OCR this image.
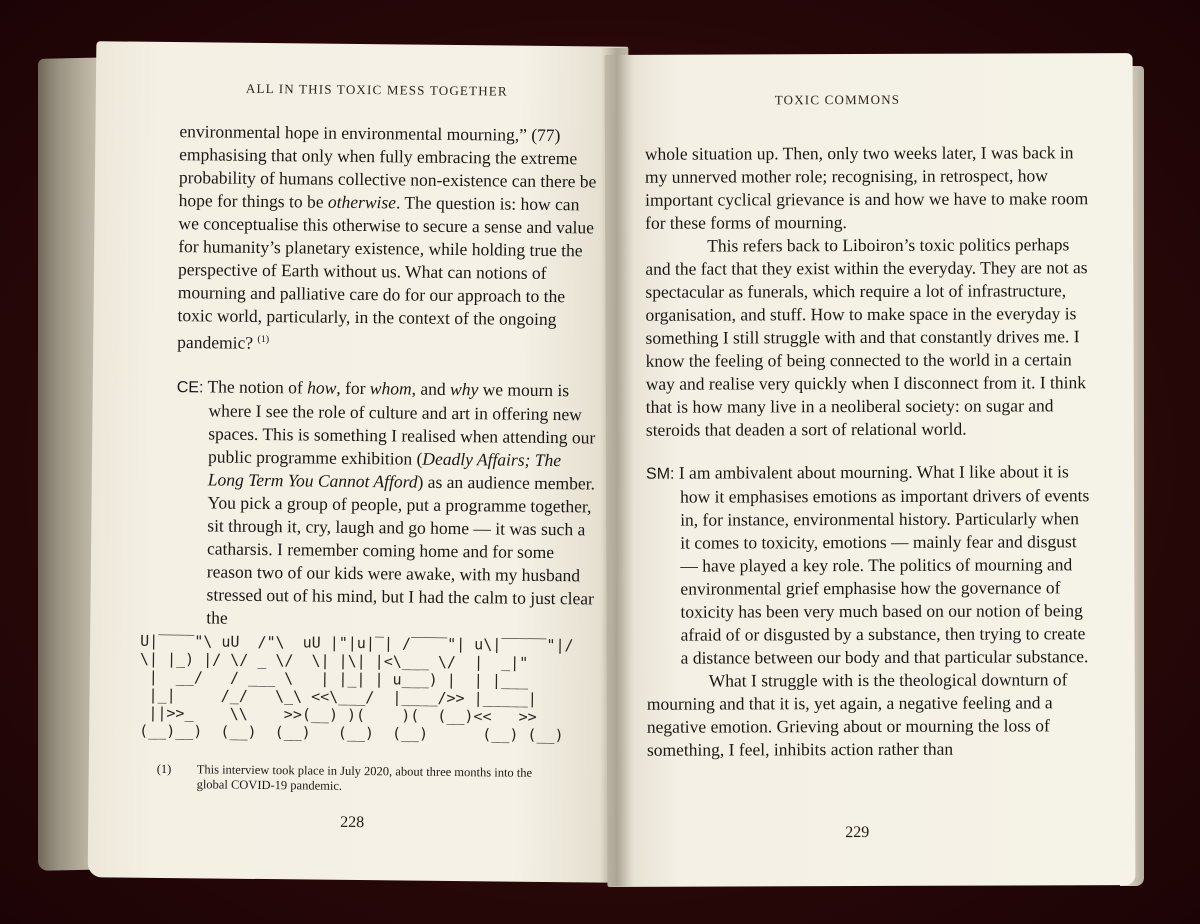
ALL IN THIS TOXIC MESS TOGETHER

environmental hope in environmental mourning,” (77) emphasising that only when fully embracing the extreme probability of humans collective non-existence can there be hope for things to be otherwise. The question is: how can we conceptualise this otherwise to secure a sense and value for humanity’s planetary existence, while holding true the perspective of Earth without us. What can notions of mourning and palliative care do for our approach to the toxic world, particularly, in the context of the ongoing pandemic? $^{(1)}$

CE: The notion of how, for whom, and why we mourn is where I see the role of culture and art in offering new spaces. This is something I realised when attending our public programme exhibition (Deadly Affairs; The Long Term You Cannot Afford) as an audience member. You pick a group of people, put a programme together, sit through it, cry, laugh and go home — it was such a catharsis. I remember coming home and for some reason two of our kids were awake, with my husband stressed out of his mind, but I had the calm to just clear the

U|‾‾‾‾"\ uU  /"\  uU |"|u|‾| /‾‾‾‾"| u\|‾‾‾‾‾"|/
\| |_) |/ \/ _ \/  \| |\| |<\___ \/  |  _|"
|  __/   / ___ \   | |_| | u___) |  | |___
|_|     /_/   \_\ <<\___/  |____/>> |_____|
||>>_    \\    >>(__) )(    )(  (__)<<   >>
(__)__)  (__)  (__)   (__)  (__)      (__) (__)
(1) This interview took place in July 2020, about three months into the global COVID-19 pandemic.
228
TOXIC COMMONS

whole situation up. Then, only two weeks later, I was back in my unnerved mother role; recognising, in retrospect, how important cyclical grievance is and how we have to make room for these forms of mourning.

This refers back to Liboiron’s toxic politics perhaps and the fact that they exist within the everyday. They are not as spectacular as funerals, which require a lot of infrastructure, organisation, and stuff. How to make space in the everyday is something I still struggle with and that constantly drives me. I know the feeling of being connected to the world in a certain way and realise very quickly when I disconnect from it. I think that is how many live in a neoliberal society: on sugar and steroids that deaden a sort of relational world.

SM: I am ambivalent about mourning. What I like about it is how it emphasises emotions as important drivers of events in, for instance, environmental history. Particularly when it comes to toxicity, emotions — mainly fear and disgust — have played a key role. The politics of mourning and environmental grief emphasise how the governance of toxicity has been very much based on our notion of being afraid of or disgusted by a substance, then trying to create a distance between our body and that particular substance.

What I struggle with is the theological downturn of mourning and that it is, yet again, a negative feeling and a negative emotion. Grieving about or mourning the loss of something, I feel, inhibits action rather than

229
